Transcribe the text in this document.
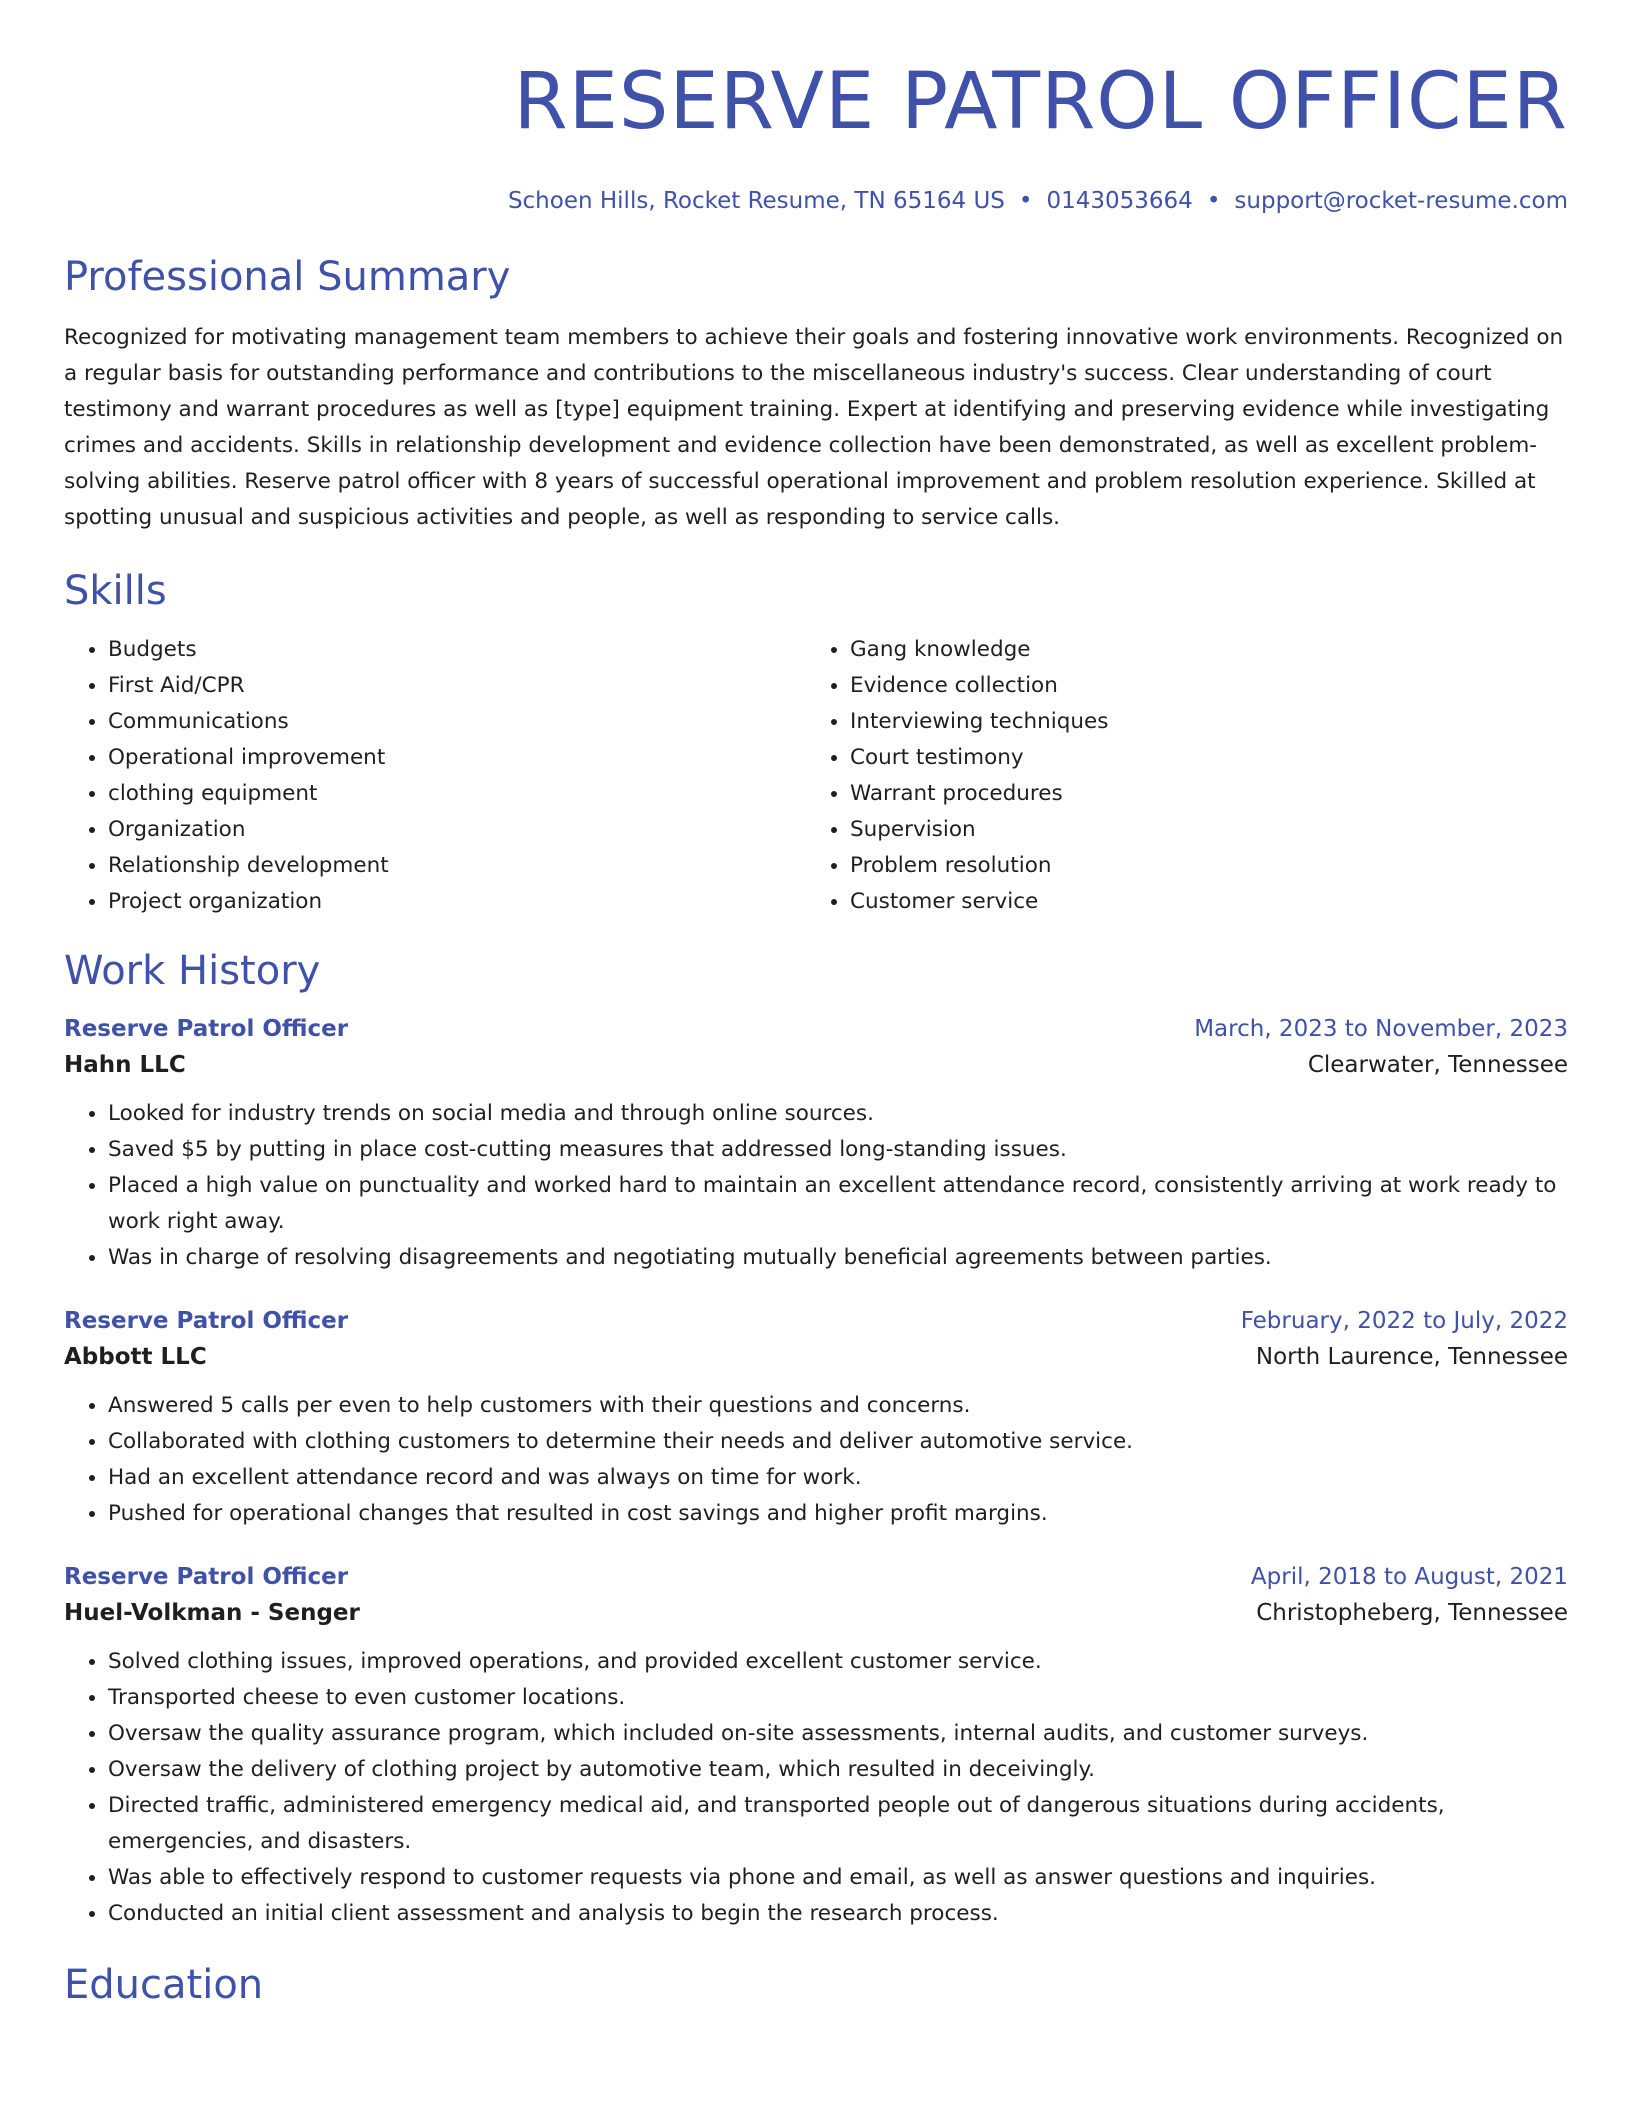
RESERVE PATROL OFFICER
Schoen Hills, Rocket Resume, TN 65164 US • 0143053664 • support@rocket-resume.com
Professional Summary
Recognized for motivating management team members to achieve their goals and fostering innovative work environments. Recognized on a regular basis for outstanding performance and contributions to the miscellaneous industry's success. Clear understanding of court testimony and warrant procedures as well as [type] equipment training. Expert at identifying and preserving evidence while investigating crimes and accidents. Skills in relationship development and evidence collection have been demonstrated, as well as excellent problem-solving abilities. Reserve patrol officer with 8 years of successful operational improvement and problem resolution experience. Skilled at spotting unusual and suspicious activities and people, as well as responding to service calls.
Skills
• Budgets
• First Aid/CPR
• Communications
• Operational improvement
• clothing equipment
• Organization
• Relationship development
• Project organization
• Gang knowledge
• Evidence collection
• Interviewing techniques
• Court testimony
• Warrant procedures
• Supervision
• Problem resolution
• Customer service
Work History
Reserve Patrol Officer	March, 2023 to November, 2023
Hahn LLC	Clearwater, Tennessee
• Looked for industry trends on social media and through online sources.
• Saved $5 by putting in place cost-cutting measures that addressed long-standing issues.
• Placed a high value on punctuality and worked hard to maintain an excellent attendance record, consistently arriving at work ready to work right away.
• Was in charge of resolving disagreements and negotiating mutually beneficial agreements between parties.
Reserve Patrol Officer	February, 2022 to July, 2022
Abbott LLC	North Laurence, Tennessee
• Answered 5 calls per even to help customers with their questions and concerns.
• Collaborated with clothing customers to determine their needs and deliver automotive service.
• Had an excellent attendance record and was always on time for work.
• Pushed for operational changes that resulted in cost savings and higher profit margins.
Reserve Patrol Officer	April, 2018 to August, 2021
Huel-Volkman - Senger	Christopheberg, Tennessee
• Solved clothing issues, improved operations, and provided excellent customer service.
• Transported cheese to even customer locations.
• Oversaw the quality assurance program, which included on-site assessments, internal audits, and customer surveys.
• Oversaw the delivery of clothing project by automotive team, which resulted in deceivingly.
• Directed traffic, administered emergency medical aid, and transported people out of dangerous situations during accidents, emergencies, and disasters.
• Was able to effectively respond to customer requests via phone and email, as well as answer questions and inquiries.
• Conducted an initial client assessment and analysis to begin the research process.
Education
